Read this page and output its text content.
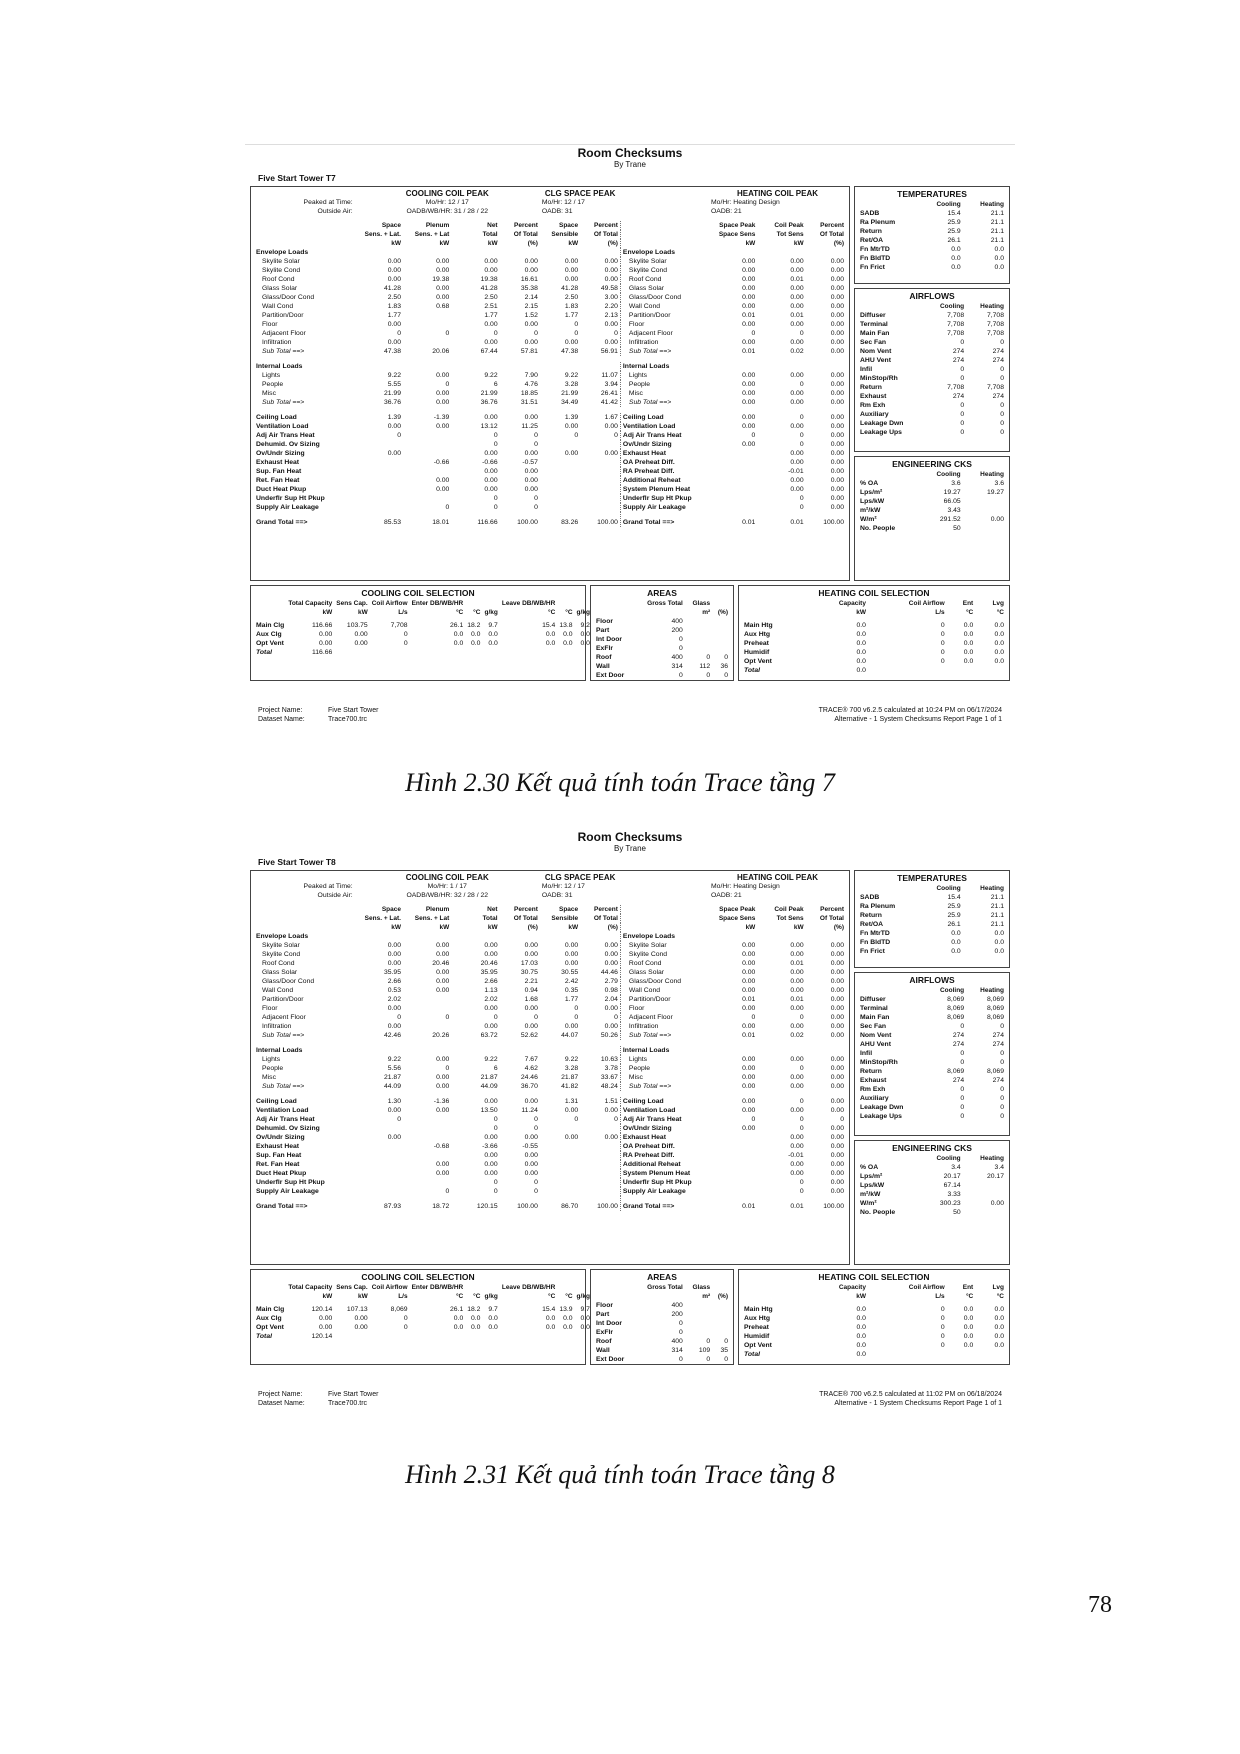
Room Checksums
By Trane
Five Start Tower T7
	COOLING COIL PEAK				CLG SPACE PEAK			HEATING COIL PEAK		
Peaked at Time:	Mo/Hr: 12 / 17				Mo/Hr: 12 / 17			Mo/Hr: Heating Design		
Outside Air:	OADB/WB/HR: 31 / 28 / 22				OADB: 31			OADB: 21		

	Space	Plenum	Net	Percent	Space	Percent		Space Peak	Coil Peak	Percent
	Sens. + Lat.	Sens. + Lat	Total	Of Total	Sensible	Of Total		Space Sens	Tot Sens	Of Total
	kW	kW	kW	(%)	kW	(%)		kW	kW	(%)
Envelope Loads							Envelope Loads			
Skylite Solar	0.00	0.00	0.00	0.00	0.00	0.00	Skylite Solar	0.00	0.00	0.00
Skylite Cond	0.00	0.00	0.00	0.00	0.00	0.00	Skylite Cond	0.00	0.00	0.00
Roof Cond	0.00	19.38	19.38	16.61	0.00	0.00	Roof Cond	0.00	0.01	0.00
Glass Solar	41.28	0.00	41.28	35.38	41.28	49.58	Glass Solar	0.00	0.00	0.00
Glass/Door Cond	2.50	0.00	2.50	2.14	2.50	3.00	Glass/Door Cond	0.00	0.00	0.00
Wall Cond	1.83	0.68	2.51	2.15	1.83	2.20	Wall Cond	0.00	0.00	0.00
Partition/Door	1.77		1.77	1.52	1.77	2.13	Partition/Door	0.01	0.01	0.00
Floor	0.00		0.00	0.00	0	0.00	Floor	0.00	0.00	0.00
Adjacent Floor	0	0	0	0	0	0	Adjacent Floor	0	0	0.00
Infiltration	0.00		0.00	0.00	0.00	0.00	Infiltration	0.00	0.00	0.00
Sub Total ==>	47.38	20.06	67.44	57.81	47.38	56.91	Sub Total ==>	0.01	0.02	0.00

Internal Loads							Internal Loads			
Lights	9.22	0.00	9.22	7.90	9.22	11.07	Lights	0.00	0.00	0.00
People	5.55	0	6	4.76	3.28	3.94	People	0.00	0	0.00
Misc	21.99	0.00	21.99	18.85	21.99	26.41	Misc	0.00	0.00	0.00
Sub Total ==>	36.76	0.00	36.76	31.51	34.49	41.42	Sub Total ==>	0.00	0.00	0.00

Ceiling Load	1.39	-1.39	0.00	0.00	1.39	1.67	Ceiling Load	0.00	0	0.00
Ventilation Load	0.00	0.00	13.12	11.25	0.00	0.00	Ventilation Load	0.00	0.00	0.00
Adj Air Trans Heat	0		0	0	0	0	Adj Air Trans Heat	0	0	0.00
Dehumid. Ov Sizing			0	0			Ov/Undr Sizing	0.00	0	0.00
Ov/Undr Sizing	0.00		0.00	0.00	0.00	0.00	Exhaust Heat		0.00	0.00
Exhaust Heat		-0.66	-0.66	-0.57			OA Preheat Diff.		0.00	0.00
Sup. Fan Heat			0.00	0.00			RA Preheat Diff.		-0.01	0.00
Ret. Fan Heat		0.00	0.00	0.00			Additional Reheat		0.00	0.00
Duct Heat Pkup		0.00	0.00	0.00			System Plenum Heat		0.00	0.00
Underflr Sup Ht Pkup			0	0			Underflr Sup Ht Pkup		0	0.00
Supply Air Leakage		0	0	0			Supply Air Leakage		0	0.00
Grand Total ==>	85.53	18.01	116.66	100.00	83.26	100.00	Grand Total ==>	0.01	0.01	100.00
TEMPERATURES
	Cooling	Heating
SADB	15.4	21.1
Ra Plenum	25.9	21.1
Return	25.9	21.1
Ret/OA	26.1	21.1
Fn MtrTD	0.0	0.0
Fn BldTD	0.0	0.0
Fn Frict	0.0	0.0
AIRFLOWS
	Cooling	Heating
Diffuser	7,708	7,708
Terminal	7,708	7,708
Main Fan	7,708	7,708
Sec Fan	0	0
Nom Vent	274	274
AHU Vent	274	274
Infil	0	0
MinStop/Rh	0	0
Return	7,708	7,708
Exhaust	274	274
Rm Exh	0	0
Auxiliary	0	0
Leakage Dwn	0	0
Leakage Ups	0	0
ENGINEERING CKS
	Cooling	Heating
% OA	3.6	3.6
Lps/m²	19.27	19.27
Lps/kW	66.05	
m²/kW	3.43	
W/m²	291.52	0.00
No. People	50	
COOLING COIL SELECTION
	Total Capacity	Sens Cap.	Coil Airflow	Enter DB/WB/HR			Leave DB/WB/HR		
	kW	kW	L/s	°C	°C	g/kg	°C	°C	g/kg

Main Clg	116.66	103.75	7,708	26.1	18.2	9.7	15.4	13.8	9.2
Aux Clg	0.00	0.00	0	0.0	0.0	0.0	0.0	0.0	0.0
Opt Vent	0.00	0.00	0	0.0	0.0	0.0	0.0	0.0	0.0

Total	116.66								
AREAS
	Gross Total	Glass	
		m²	(%)
Floor	400		
Part	200		
Int Door	0		
ExFlr	0		
Roof	400	0	0
Wall	314	112	36
Ext Door	0	0	0
HEATING COIL SELECTION
	Capacity	Coil Airflow	Ent	Lvg
	kW	L/s	°C	°C

Main Htg	0.0	0	0.0	0.0
Aux Htg	0.0	0	0.0	0.0
Preheat	0.0	0	0.0	0.0

Humidif	0.0	0	0.0	0.0
Opt Vent	0.0	0	0.0	0.0
Total	0.0			
Project Name:	Five Start Tower
Dataset Name:	Trace700.trc
TRACE® 700 v6.2.5 calculated at 10:24 PM on 06/17/2024
Alternative - 1 System Checksums Report Page 1 of 1
Hình 2.30 Kết quả tính toán Trace tầng 7
Room Checksums
By Trane
Five Start Tower T8
	COOLING COIL PEAK				CLG SPACE PEAK			HEATING COIL PEAK		
Peaked at Time:	Mo/Hr: 1 / 17				Mo/Hr: 12 / 17			Mo/Hr: Heating Design		
Outside Air:	OADB/WB/HR: 32 / 28 / 22				OADB: 31			OADB: 21		

	Space	Plenum	Net	Percent	Space	Percent		Space Peak	Coil Peak	Percent
	Sens. + Lat.	Sens. + Lat	Total	Of Total	Sensible	Of Total		Space Sens	Tot Sens	Of Total
	kW	kW	kW	(%)	kW	(%)		kW	kW	(%)
Envelope Loads							Envelope Loads			
Skylite Solar	0.00	0.00	0.00	0.00	0.00	0.00	Skylite Solar	0.00	0.00	0.00
Skylite Cond	0.00	0.00	0.00	0.00	0.00	0.00	Skylite Cond	0.00	0.00	0.00
Roof Cond	0.00	20.46	20.46	17.03	0.00	0.00	Roof Cond	0.00	0.01	0.00
Glass Solar	35.95	0.00	35.95	30.75	30.55	44.46	Glass Solar	0.00	0.00	0.00
Glass/Door Cond	2.66	0.00	2.66	2.21	2.42	2.79	Glass/Door Cond	0.00	0.00	0.00
Wall Cond	0.53	0.00	1.13	0.94	0.35	0.98	Wall Cond	0.00	0.00	0.00
Partition/Door	2.02		2.02	1.68	1.77	2.04	Partition/Door	0.01	0.01	0.00
Floor	0.00		0.00	0.00	0	0.00	Floor	0.00	0.00	0.00
Adjacent Floor	0	0	0	0	0	0	Adjacent Floor	0	0	0.00
Infiltration	0.00		0.00	0.00	0.00	0.00	Infiltration	0.00	0.00	0.00
Sub Total ==>	42.46	20.26	63.72	52.62	44.07	50.26	Sub Total ==>	0.01	0.02	0.00

Internal Loads							Internal Loads			
Lights	9.22	0.00	9.22	7.67	9.22	10.63	Lights	0.00	0.00	0.00
People	5.56	0	6	4.62	3.28	3.78	People	0.00	0	0.00
Misc	21.87	0.00	21.87	24.46	21.87	33.67	Misc	0.00	0.00	0.00
Sub Total ==>	44.09	0.00	44.09	36.70	41.82	48.24	Sub Total ==>	0.00	0.00	0.00

Ceiling Load	1.30	-1.36	0.00	0.00	1.31	1.51	Ceiling Load	0.00	0	0.00
Ventilation Load	0.00	0.00	13.50	11.24	0.00	0.00	Ventilation Load	0.00	0.00	0.00
Adj Air Trans Heat	0		0	0	0	0	Adj Air Trans Heat	0	0	0
Dehumid. Ov Sizing			0	0			Ov/Undr Sizing	0.00	0	0.00
Ov/Undr Sizing	0.00		0.00	0.00	0.00	0.00	Exhaust Heat		0.00	0.00
Exhaust Heat		-0.68	-3.66	-0.55			OA Preheat Diff.		0.00	0.00
Sup. Fan Heat			0.00	0.00			RA Preheat Diff.		-0.01	0.00
Ret. Fan Heat		0.00	0.00	0.00			Additional Reheat		0.00	0.00
Duct Heat Pkup		0.00	0.00	0.00			System Plenum Heat		0.00	0.00
Underflr Sup Ht Pkup			0	0			Underflr Sup Ht Pkup		0	0.00
Supply Air Leakage		0	0	0			Supply Air Leakage		0	0.00
Grand Total ==>	87.93	18.72	120.15	100.00	86.70	100.00	Grand Total ==>	0.01	0.01	100.00
TEMPERATURES
	Cooling	Heating
SADB	15.4	21.1
Ra Plenum	25.9	21.1
Return	25.9	21.1
Ret/OA	26.1	21.1
Fn MtrTD	0.0	0.0
Fn BldTD	0.0	0.0
Fn Frict	0.0	0.0
AIRFLOWS
	Cooling	Heating
Diffuser	8,069	8,069
Terminal	8,069	8,069
Main Fan	8,069	8,069
Sec Fan	0	0
Nom Vent	274	274
AHU Vent	274	274
Infil	0	0
MinStop/Rh	0	0
Return	8,069	8,069
Exhaust	274	274
Rm Exh	0	0
Auxiliary	0	0
Leakage Dwn	0	0
Leakage Ups	0	0
ENGINEERING CKS
	Cooling	Heating
% OA	3.4	3.4
Lps/m²	20.17	20.17
Lps/kW	67.14	
m²/kW	3.33	
W/m²	300.23	0.00
No. People	50	
COOLING COIL SELECTION
	Total Capacity	Sens Cap.	Coil Airflow	Enter DB/WB/HR			Leave DB/WB/HR		
	kW	kW	L/s	°C	°C	g/kg	°C	°C	g/kg

Main Clg	120.14	107.13	8,069	26.1	18.2	9.7	15.4	13.9	9.7
Aux Clg	0.00	0.00	0	0.0	0.0	0.0	0.0	0.0	0.0
Opt Vent	0.00	0.00	0	0.0	0.0	0.0	0.0	0.0	0.0

Total	120.14								
AREAS
	Gross Total	Glass	
		m²	(%)
Floor	400		
Part	200		
Int Door	0		
ExFlr	0		
Roof	400	0	0
Wall	314	109	35
Ext Door	0	0	0
HEATING COIL SELECTION
	Capacity	Coil Airflow	Ent	Lvg
	kW	L/s	°C	°C

Main Htg	0.0	0	0.0	0.0
Aux Htg	0.0	0	0.0	0.0
Preheat	0.0	0	0.0	0.0

Humidif	0.0	0	0.0	0.0
Opt Vent	0.0	0	0.0	0.0
Total	0.0			
Project Name:	Five Start Tower
Dataset Name:	Trace700.trc
TRACE® 700 v6.2.5 calculated at 11:02 PM on 06/18/2024
Alternative - 1 System Checksums Report Page 1 of 1
Hình 2.31 Kết quả tính toán Trace tầng 8
78
